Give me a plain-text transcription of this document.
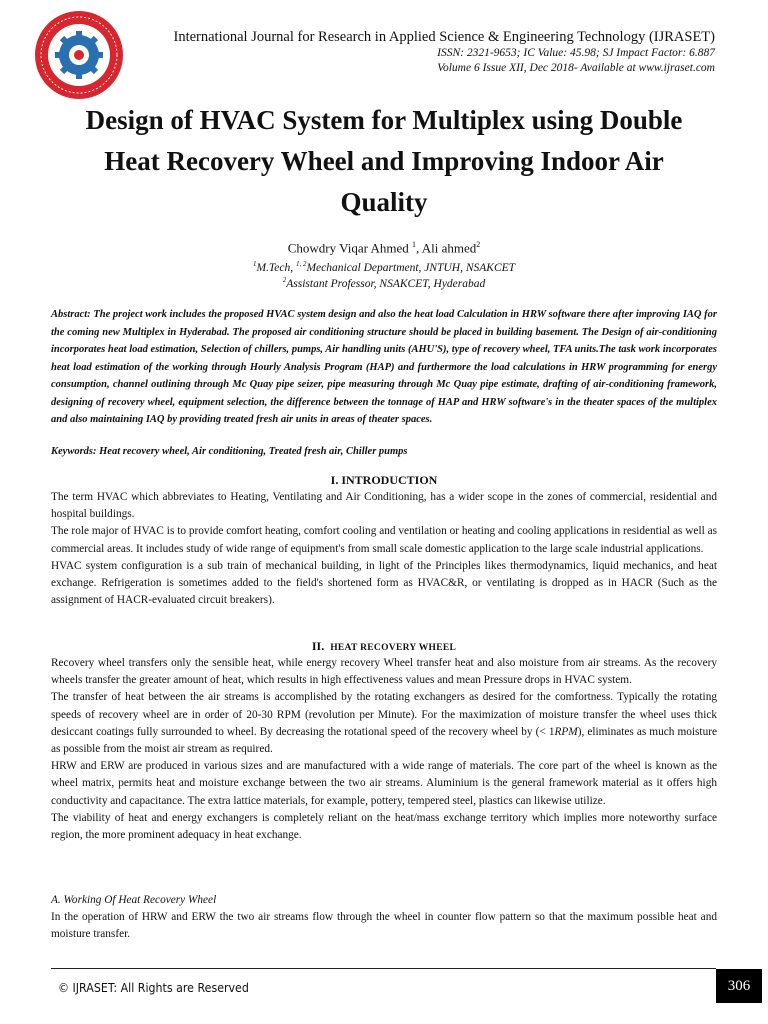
International Journal for Research in Applied Science & Engineering Technology (IJRASET)
ISSN: 2321-9653; IC Value: 45.98; SJ Impact Factor: 6.887
Volume 6 Issue XII, Dec 2018- Available at www.ijraset.com
Design of HVAC System for Multiplex using Double Heat Recovery Wheel and Improving Indoor Air Quality
Chowdry Viqar Ahmed $^1$, Ali ahmed$^2$
$^1$M.Tech, $^{1, 2}$Mechanical Department, JNTUH, NSAKCET
$^2$Assistant Professor, NSAKCET, Hyderabad
Abstract: The project work includes the proposed HVAC system design and also the heat load Calculation in HRW software there after improving IAQ for the coming new Multiplex in Hyderabad. The proposed air conditioning structure should be placed in building basement. The Design of air-conditioning incorporates heat load estimation, Selection of chillers, pumps, Air handling units (AHU'S), type of recovery wheel, TFA units.The task work incorporates heat load estimation of the working through Hourly Analysis Program (HAP) and furthermore the load calculations in HRW programming for energy consumption, channel outlining through Mc Quay pipe seizer, pipe measuring through Mc Quay pipe estimate, drafting of air-conditioning framework, designing of recovery wheel, equipment selection, the difference between the tonnage of HAP and HRW software's in the theater spaces of the multiplex and also maintaining IAQ by providing treated fresh air units in areas of theater spaces.
Keywords: Heat recovery wheel, Air conditioning, Treated fresh air, Chiller pumps
I. INTRODUCTION

The term HVAC which abbreviates to Heating, Ventilating and Air Conditioning, has a wider scope in the zones of commercial, residential and hospital buildings.

The role major of HVAC is to provide comfort heating, comfort cooling and ventilation or heating and cooling applications in residential as well as commercial areas. It includes study of wide range of equipment's from small scale domestic application to the large scale industrial applications.

HVAC system configuration is a sub train of mechanical building, in light of the Principles likes thermodynamics, liquid mechanics, and heat exchange. Refrigeration is sometimes added to the field's shortened form as HVAC&R, or ventilating is dropped as in HACR (Such as the assignment of HACR-evaluated circuit breakers).

II. HEAT RECOVERY WHEEL

Recovery wheel transfers only the sensible heat, while energy recovery Wheel transfer heat and also moisture from air streams. As the recovery wheels transfer the greater amount of heat, which results in high effectiveness values and mean Pressure drops in HVAC system.

The transfer of heat between the air streams is accomplished by the rotating exchangers as desired for the comfortness. Typically the rotating speeds of recovery wheel are in order of 20-30 RPM (revolution per Minute). For the maximization of moisture transfer the wheel uses thick desiccant coatings fully surrounded to wheel. By decreasing the rotational speed of the recovery wheel by (< 1RPM), eliminates as much moisture as possible from the moist air stream as required.

HRW and ERW are produced in various sizes and are manufactured with a wide range of materials. The core part of the wheel is known as the wheel matrix, permits heat and moisture exchange between the two air streams. Aluminium is the general framework material as it offers high conductivity and capacitance. The extra lattice materials, for example, pottery, tempered steel, plastics can likewise utilize.

The viability of heat and energy exchangers is completely reliant on the heat/mass exchange territory which implies more noteworthy surface region, the more prominent adequacy in heat exchange.

A. Working Of Heat Recovery Wheel

In the operation of HRW and ERW the two air streams flow through the wheel in counter flow pattern so that the maximum possible heat and moisture transfer.

© IJRASET: All Rights are Reserved	306
